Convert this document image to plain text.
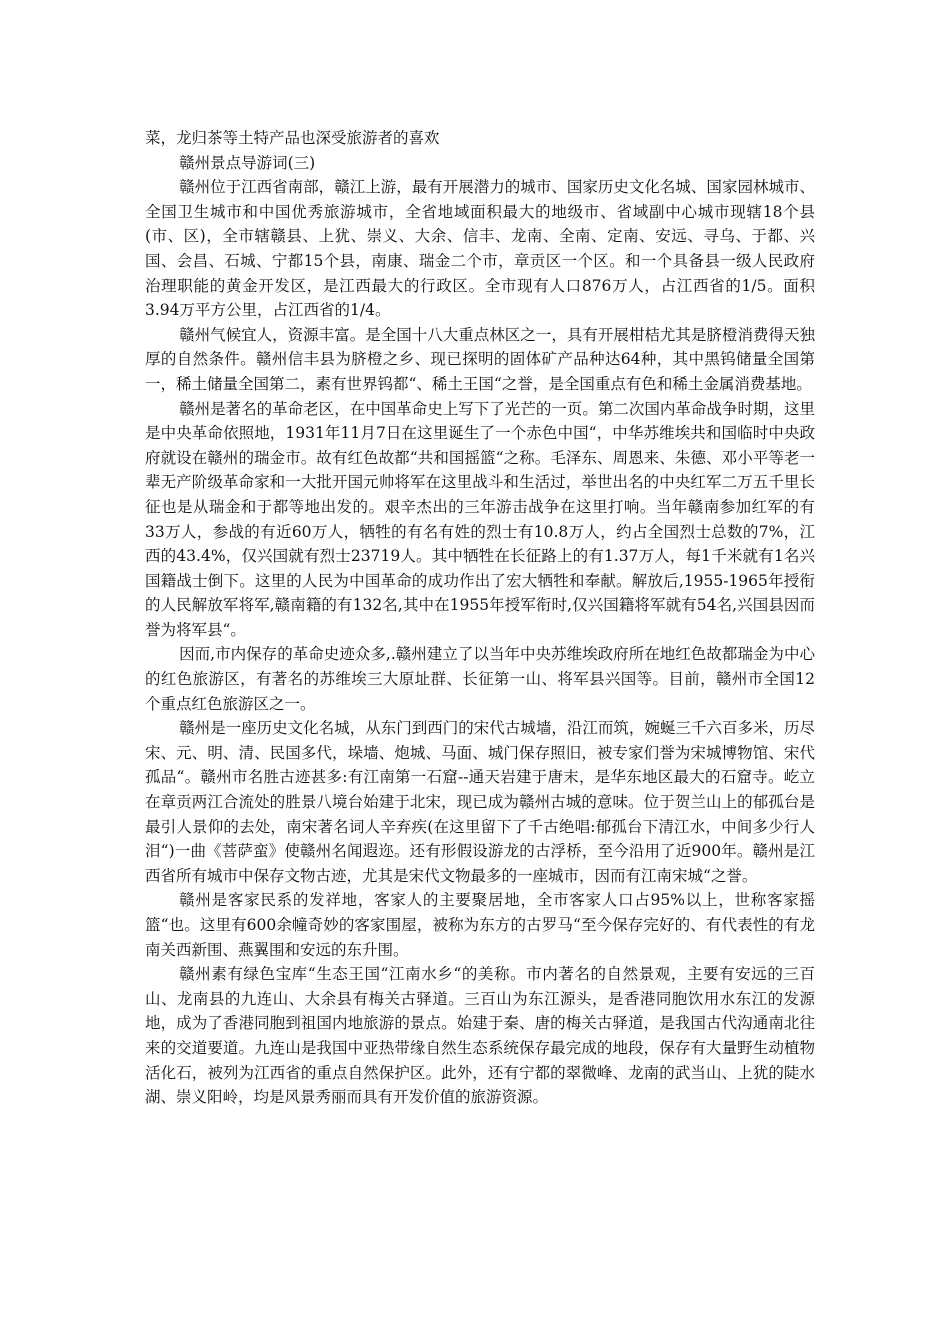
菜，龙归茶等土特产品也深受旅游者的喜欢

赣州景点导游词(三)

赣州位于江西省南部，赣江上游，最有开展潜力的城市、国家历史文化名城、国家园林城市、全国卫生城市和中国优秀旅游城市，全省地域面积最大的地级市、省域副中心城市现辖18个县(市、区)，全市辖赣县、上犹、崇义、大余、信丰、龙南、全南、定南、安远、寻乌、于都、兴国、会昌、石城、宁都15个县，南康、瑞金二个市，章贡区一个区。和一个具备县一级人民政府治理职能的黄金开发区，是江西最大的行政区。全市现有人口876万人，占江西省的1/5。面积3.94万平方公里，占江西省的1/4。

赣州气候宜人，资源丰富。是全国十八大重点林区之一，具有开展柑桔尤其是脐橙消费得天独厚的自然条件。赣州信丰县为脐橙之乡、现已探明的固体矿产品种达64种，其中黑钨储量全国第一，稀土储量全国第二，素有世界钨都“、稀土王国“之誉，是全国重点有色和稀土金属消费基地。

赣州是著名的革命老区，在中国革命史上写下了光芒的一页。第二次国内革命战争时期，这里是中央革命依照地，1931年11月7日在这里诞生了一个赤色中国“，中华苏维埃共和国临时中央政府就设在赣州的瑞金市。故有红色故都“共和国摇篮“之称。毛泽东、周恩来、朱德、邓小平等老一辈无产阶级革命家和一大批开国元帅将军在这里战斗和生活过，举世出名的中央红军二万五千里长征也是从瑞金和于都等地出发的。艰辛杰出的三年游击战争在这里打响。当年赣南参加红军的有33万人，参战的有近60万人，牺牲的有名有姓的烈士有10.8万人，约占全国烈士总数的7%，江西的43.4%，仅兴国就有烈士23719人。其中牺牲在长征路上的有1.37万人，每1千米就有1名兴国籍战士倒下。这里的人民为中国革命的成功作出了宏大牺牲和奉献。解放后,1955-1965年授衔的人民解放军将军,赣南籍的有132名,其中在1955年授军衔时,仅兴国籍将军就有54名,兴国县因而誉为将军县“。

因而,市内保存的革命史迹众多,.赣州建立了以当年中央苏维埃政府所在地红色故都瑞金为中心的红色旅游区，有著名的苏维埃三大原址群、长征第一山、将军县兴国等。目前，赣州市全国12个重点红色旅游区之一。

赣州是一座历史文化名城，从东门到西门的宋代古城墙，沿江而筑，婉蜒三千六百多米，历尽宋、元、明、清、民国多代，垛墙、炮城、马面、城门保存照旧，被专家们誉为宋城博物馆、宋代孤品“。赣州市名胜古迹甚多:有江南第一石窟--通天岩建于唐末，是华东地区最大的石窟寺。屹立在章贡两江合流处的胜景八境台始建于北宋，现已成为赣州古城的意味。位于贺兰山上的郁孤台是最引人景仰的去处，南宋著名词人辛弃疾(在这里留下了千古绝唱:郁孤台下清江水，中间多少行人泪“)一曲《菩萨蛮》使赣州名闻遐迩。还有形假设游龙的古浮桥，至今沿用了近900年。赣州是江西省所有城市中保存文物古迹，尤其是宋代文物最多的一座城市，因而有江南宋城“之誉。

赣州是客家民系的发祥地，客家人的主要聚居地，全市客家人口占95%以上，世称客家摇篮“也。这里有600余幢奇妙的客家围屋，被称为东方的古罗马“至今保存完好的、有代表性的有龙南关西新围、燕翼围和安远的东升围。

赣州素有绿色宝库“生态王国“江南水乡“的美称。市内著名的自然景观，主要有安远的三百山、龙南县的九连山、大余县有梅关古驿道。三百山为东江源头，是香港同胞饮用水东江的发源地，成为了香港同胞到祖国内地旅游的景点。始建于秦、唐的梅关古驿道，是我国古代沟通南北往来的交道要道。九连山是我国中亚热带缘自然生态系统保存最完成的地段，保存有大量野生动植物活化石，被列为江西省的重点自然保护区。此外，还有宁都的翠微峰、龙南的武当山、上犹的陡水湖、崇义阳岭，均是风景秀丽而具有开发价值的旅游资源。
